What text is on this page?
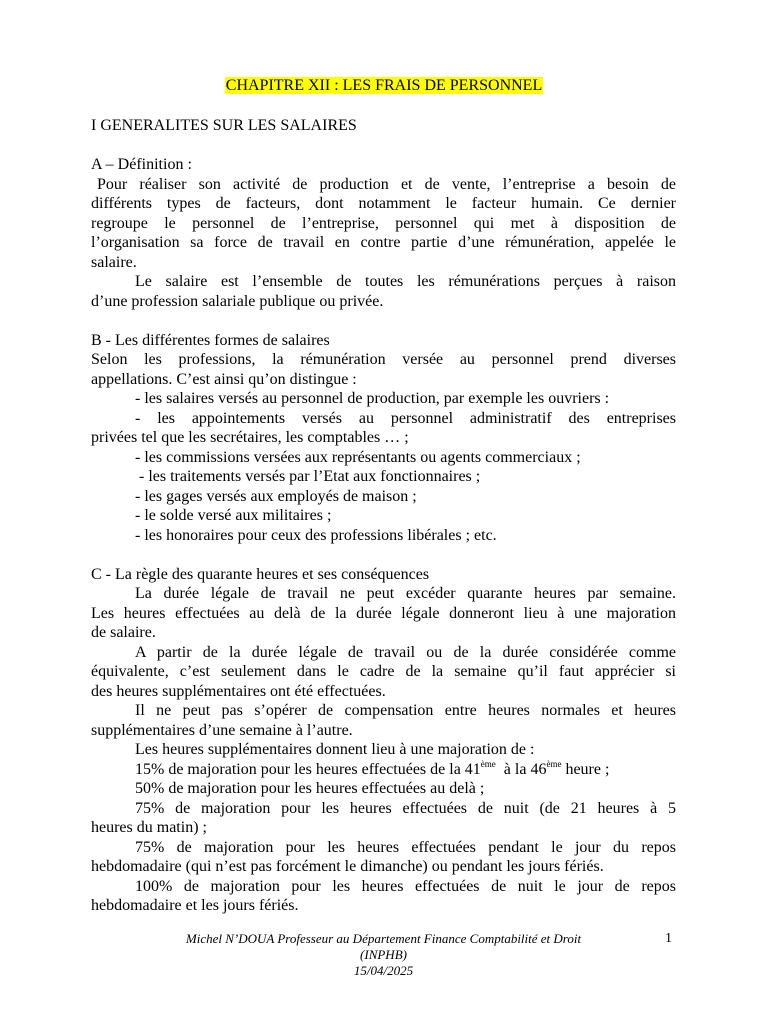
CHAPITRE XII : LES FRAIS DE PERSONNEL
I GENERALITES SUR LES SALAIRES
A – Définition :
Pour réaliser son activité de production et de vente, l’entreprise a besoin de
différents types de facteurs, dont notamment le facteur humain. Ce dernier
regroupe le personnel de l’entreprise, personnel qui met à disposition de
l’organisation sa force de travail en contre partie d’une rémunération, appelée le
salaire.
Le salaire est l’ensemble de toutes les rémunérations perçues à raison
d’une profession salariale publique ou privée.
B - Les différentes formes de salaires
Selon les professions, la rémunération versée au personnel prend diverses
appellations. C’est ainsi qu’on distingue :
- les salaires versés au personnel de production, par exemple les ouvriers :
- les appointements versés au personnel administratif des entreprises
privées tel que les secrétaires, les comptables … ;
- les commissions versées aux représentants ou agents commerciaux ;
- les traitements versés par l’Etat aux fonctionnaires ;
- les gages versés aux employés de maison ;
- le solde versé aux militaires ;
- les honoraires pour ceux des professions libérales ; etc.
C - La règle des quarante heures et ses conséquences
La durée légale de travail ne peut excéder quarante heures par semaine.
Les heures effectuées au delà de la durée légale donneront lieu à une majoration
de salaire.
A partir de la durée légale de travail ou de la durée considérée comme
équivalente, c’est seulement dans le cadre de la semaine qu’il faut apprécier si
des heures supplémentaires ont été effectuées.
Il ne peut pas s’opérer de compensation entre heures normales et heures
supplémentaires d’une semaine à l’autre.
Les heures supplémentaires donnent lieu à une majoration de :
15% de majoration pour les heures effectuées de la 41ème  à la 46ème heure ;
50% de majoration pour les heures effectuées au delà ;
75% de majoration pour les heures effectuées de nuit (de 21 heures à 5
heures du matin) ;
75% de majoration pour les heures effectuées pendant le jour du repos
hebdomadaire (qui n’est pas forcément le dimanche) ou pendant les jours fériés.
100% de majoration pour les heures effectuées de nuit le jour de repos
hebdomadaire et les jours fériés.
Michel N’DOUA Professeur au Département Finance Comptabilité et Droit
(INPHB)
15/04/2025
1
